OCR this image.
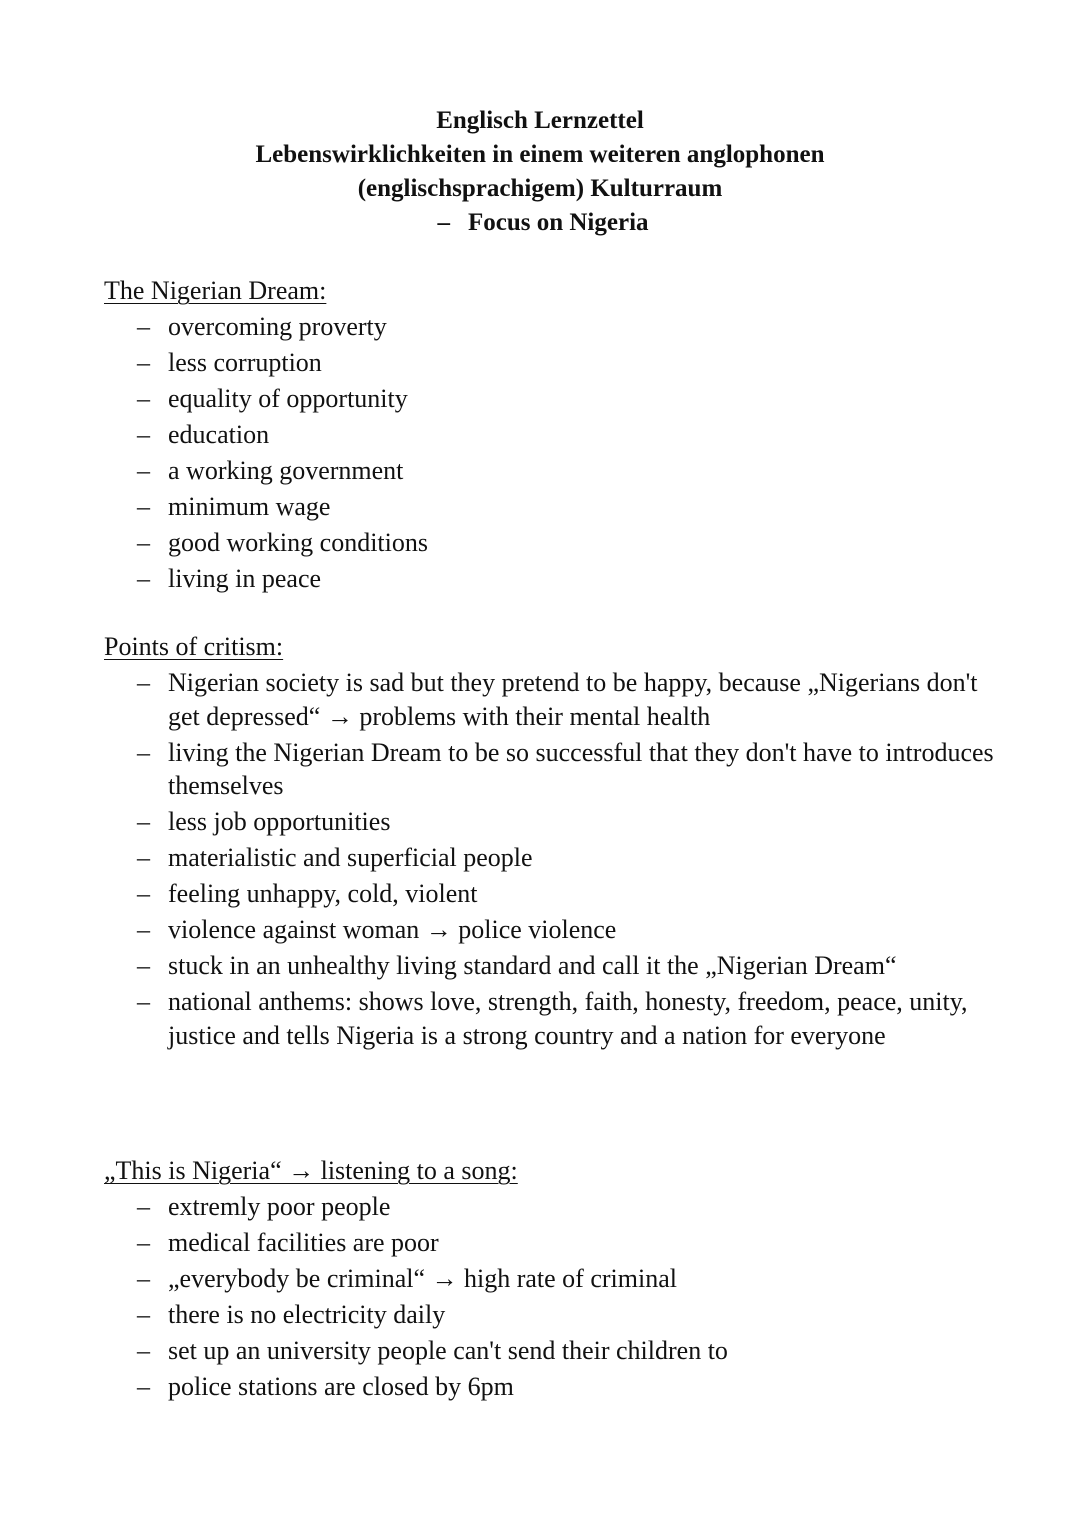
Englisch Lernzettel
Lebenswirklichkeiten in einem weiteren anglophonen
(englischsprachigem) Kulturraum
– Focus on Nigeria
The Nigerian Dream:
– overcoming proverty
– less corruption
– equality of opportunity
– education
– a working government
– minimum wage
– good working conditions
– living in peace
Points of critism:
– Nigerian society is sad but they pretend to be happy, because „Nigerians don't get depressed“ → problems with their mental health
– living the Nigerian Dream to be so successful that they don't have to introduces themselves
– less job opportunities
– materialistic and superficial people
– feeling unhappy, cold, violent
– violence against woman → police violence
– stuck in an unhealthy living standard and call it the „Nigerian Dream“
– national anthems: shows love, strength, faith, honesty, freedom, peace, unity, justice and tells Nigeria is a strong country and a nation for everyone
„This is Nigeria“ → listening to a song:
– extremly poor people
– medical facilities are poor
– „everybody be criminal“ → high rate of criminal
– there is no electricity daily
– set up an university people can't send their children to
– police stations are closed by 6pm
